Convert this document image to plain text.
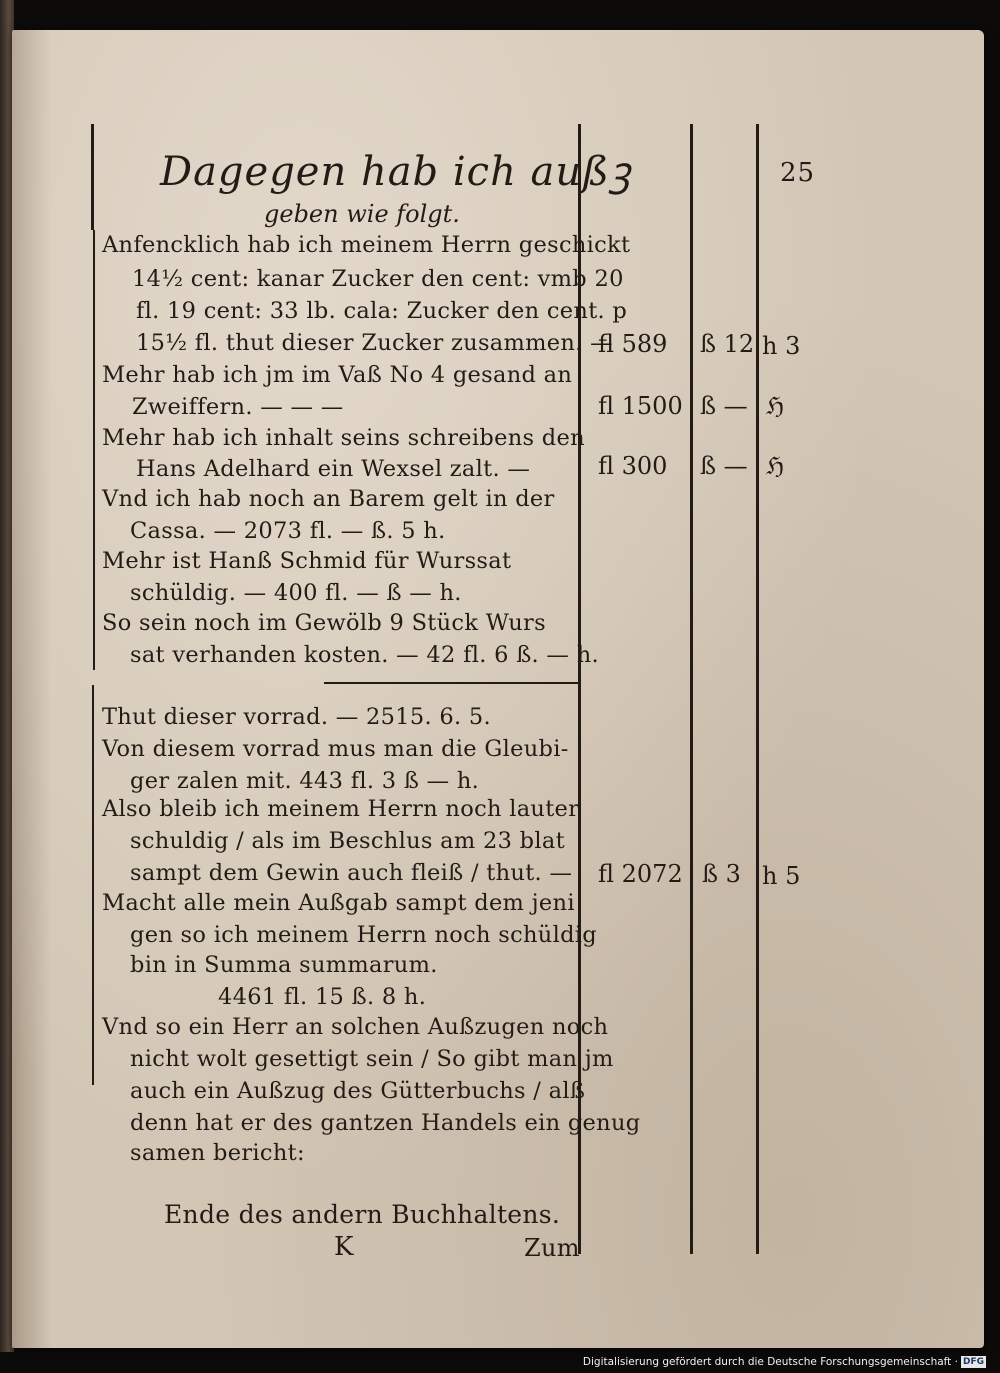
25
Dagegen hab ich außꝫ
geben wie folgt.
Anfencklich hab ich meinem Herrn geschickt
14½ cent: kanar Zucker den cent: vmb 20
fl. 19 cent: 33 lb. cala: Zucker den cent. p
15½ fl. thut dieser Zucker zusammen. —
Mehr hab ich jm im Vaß No 4 gesand an
Zweiffern. — — —
Mehr hab ich inhalt seins schreibens den
Hans Adelhard ein Wexsel zalt. —
Vnd ich hab noch an Barem gelt in der
Cassa. — 2073 fl. — ß. 5 h.
Mehr ist Hanß Schmid für Wurssat
schüldig. — 400 fl. — ß — h.
So sein noch im Gewölb 9 Stück Wurs
sat verhanden kosten. — 42 fl. 6 ß. — h.
Thut dieser vorrad. — 2515. 6. 5.
Von diesem vorrad mus man die Gleubi-
ger zalen mit. 443 fl. 3 ß — h.
Also bleib ich meinem Herrn noch lauter
schuldig / als im Beschlus am 23 blat
sampt dem Gewin auch fleiß / thut. —
Macht alle mein Außgab sampt dem jeni
gen so ich meinem Herrn noch schüldig
bin in Summa summarum.
4461 fl. 15 ß. 8 h.
Vnd so ein Herr an solchen Außzugen noch
nicht wolt gesettigt sein / So gibt man jm
auch ein Außzug des Gütterbuchs / alß
denn hat er des gantzen Handels ein genug
samen bericht:
Ende des andern Buchhaltens.
K	Zum
fl 589 ß 12 h 3
fl 1500 ß — ℌ
fl 300 ß — ℌ
fl 2072 ß 3 h 5
Digitalisierung gefördert durch die Deutsche Forschungsgemeinschaft · DFG
